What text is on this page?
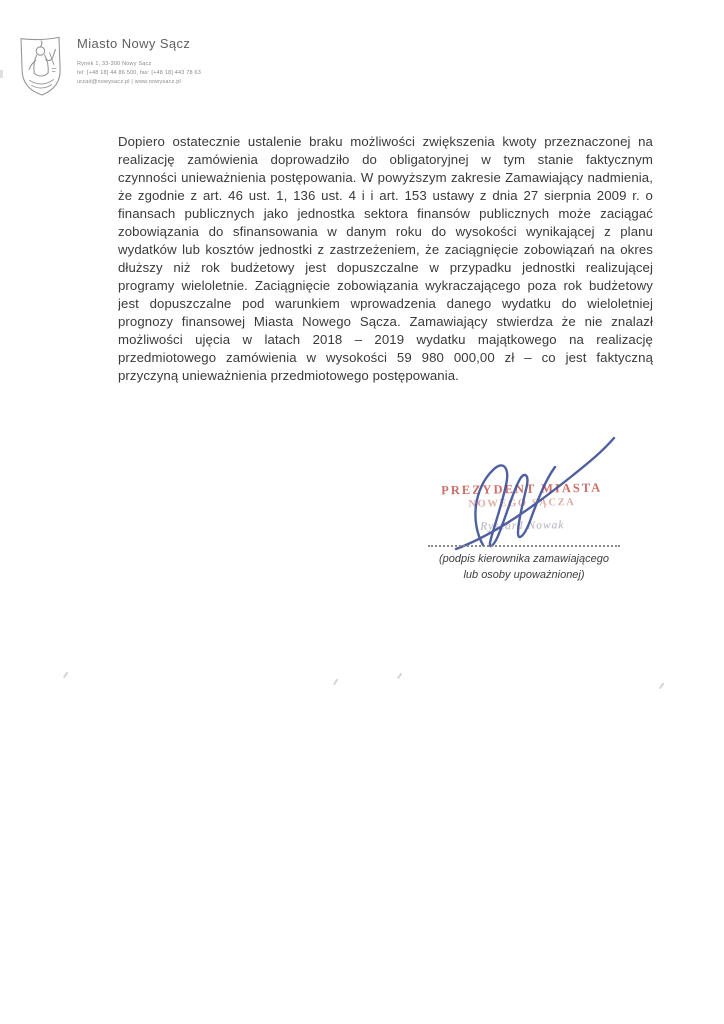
Miasto Nowy Sącz
Rynek 1, 33-300 Nowy Sącz
tel: [+48 18] 44 86 500, fax: [+48 18] 443 78 63
urzad@nowysacz.pl | www.nowysacz.pl
Dopiero ostatecznie ustalenie braku możliwości zwiększenia kwoty przeznaczonej na
realizację zamówienia doprowadziło do obligatoryjnej w tym stanie faktycznym
czynności unieważnienia postępowania. W powyższym zakresie Zamawiający nadmienia,
że zgodnie z art. 46 ust. 1, 136 ust. 4 i i art. 153 ustawy z dnia 27 sierpnia 2009 r. o
finansach publicznych jako jednostka sektora finansów publicznych może zaciągać
zobowiązania do sfinansowania w danym roku do wysokości wynikającej z planu
wydatków lub kosztów jednostki z zastrzeżeniem, że zaciągnięcie zobowiązań na okres
dłuższy niż rok budżetowy jest dopuszczalne w przypadku jednostki realizującej
programy wieloletnie. Zaciągnięcie zobowiązania wykraczającego poza rok budżetowy
jest dopuszczalne pod warunkiem wprowadzenia danego wydatku do wieloletniej
prognozy finansowej Miasta Nowego Sącza. Zamawiający stwierdza że nie znalazł
możliwości ujęcia w latach 2018 – 2019 wydatku majątkowego na realizację
przedmiotowego zamówienia w wysokości 59 980 000,00 zł – co jest faktyczną
przyczyną unieważnienia przedmiotowego postępowania.
PREZYDENT MIASTA
NOWEGO SĄCZA
Ryszard Nowak
(podpis kierownika zamawiającego
lub osoby upoważnionej)
